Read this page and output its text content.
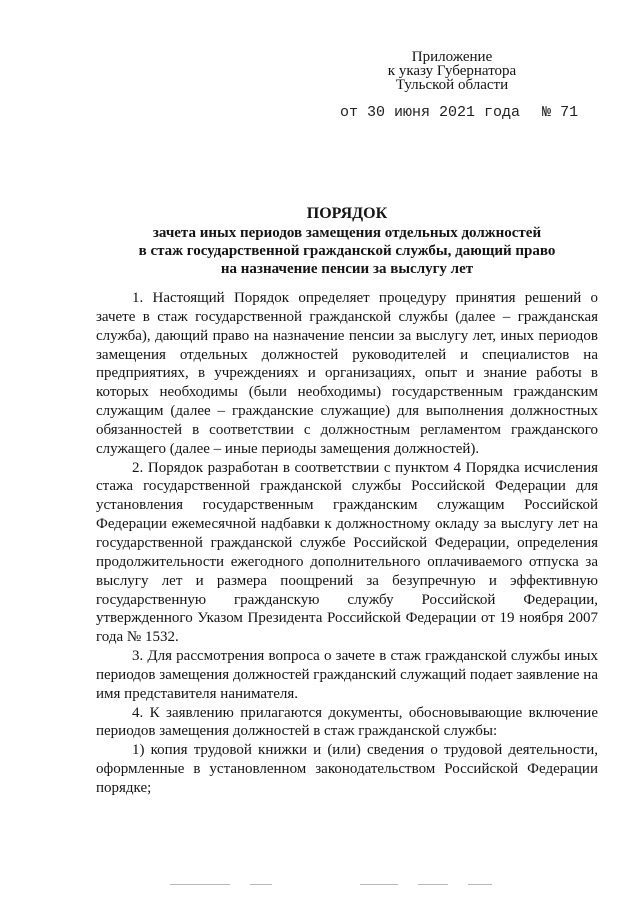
Приложение
к указу Губернатора
Тульской области
от 30 июня 2021 года № 71
ПОРЯДОК
зачета иных периодов замещения отдельных должностей
в стаж государственной гражданской службы, дающий право
на назначение пенсии за выслугу лет

1. Настоящий Порядок определяет процедуру принятия решений о зачете в стаж государственной гражданской службы (далее – гражданская служба), дающий право на назначение пенсии за выслугу лет, иных периодов замещения отдельных должностей руководителей и специалистов на предприятиях, в учреждениях и организациях, опыт и знание работы в которых необходимы (были необходимы) государственным гражданским служащим (далее – гражданские служащие) для выполнения должностных обязанностей в соответствии с должностным регламентом гражданского служащего (далее – иные периоды замещения должностей).

2. Порядок разработан в соответствии с пунктом 4 Порядка исчисления стажа государственной гражданской службы Российской Федерации для установления государственным гражданским служащим Российской Федерации ежемесячной надбавки к должностному окладу за выслугу лет на государственной гражданской службе Российской Федерации, определения продолжительности ежегодного дополнительного оплачиваемого отпуска за выслугу лет и размера поощрений за безупречную и эффективную государственную гражданскую службу Российской Федерации, утвержденного Указом Президента Российской Федерации от 19 ноября 2007 года № 1532.

3. Для рассмотрения вопроса о зачете в стаж гражданской службы иных периодов замещения должностей гражданский служащий подает заявление на имя представителя нанимателя.

4. К заявлению прилагаются документы, обосновывающие включение периодов замещения должностей в стаж гражданской службы:

1) копия трудовой книжки и (или) сведения о трудовой деятельности, оформленные в установленном законодательством Российской Федерации порядке;
